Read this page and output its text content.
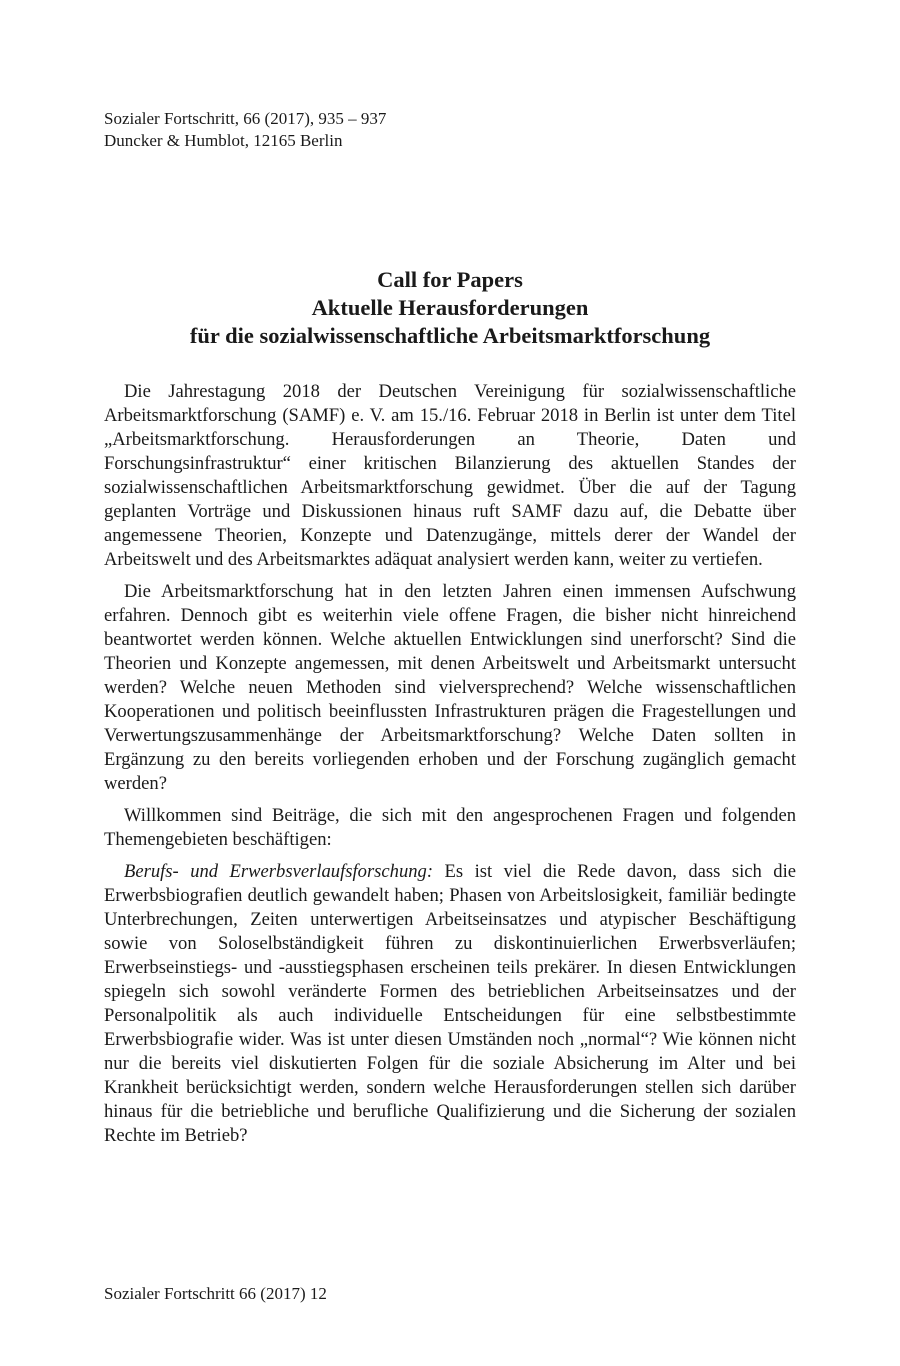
Sozialer Fortschritt, 66 (2017), 935 – 937
Duncker & Humblot, 12165 Berlin
Call for Papers
Aktuelle Herausforderungen
für die sozialwissenschaftliche Arbeitsmarktforschung

Die Jahrestagung 2018 der Deutschen Vereinigung für sozialwissenschaftliche Arbeitsmarktforschung (SAMF) e. V. am 15./16. Februar 2018 in Berlin ist unter dem Titel „Arbeitsmarktforschung. Herausforderungen an Theorie, Daten und Forschungsinfrastruktur“ einer kritischen Bilanzierung des aktuellen Standes der sozialwissenschaftlichen Arbeitsmarktforschung gewidmet. Über die auf der Tagung geplanten Vorträge und Diskussionen hinaus ruft SAMF dazu auf, die Debatte über angemessene Theorien, Konzepte und Datenzugänge, mittels derer der Wandel der Arbeitswelt und des Arbeitsmarktes adäquat analysiert werden kann, weiter zu vertiefen.

Die Arbeitsmarktforschung hat in den letzten Jahren einen immensen Aufschwung erfahren. Dennoch gibt es weiterhin viele offene Fragen, die bisher nicht hinreichend beantwortet werden können. Welche aktuellen Entwicklungen sind unerforscht? Sind die Theorien und Konzepte angemessen, mit denen Arbeitswelt und Arbeitsmarkt untersucht werden? Welche neuen Methoden sind vielversprechend? Welche wissenschaftlichen Kooperationen und politisch beeinflussten Infrastrukturen prägen die Fragestellungen und Verwertungszusammenhänge der Arbeitsmarktforschung? Welche Daten sollten in Ergänzung zu den bereits vorliegenden erhoben und der Forschung zugänglich gemacht werden?

Willkommen sind Beiträge, die sich mit den angesprochenen Fragen und folgenden Themengebieten beschäftigen:

Berufs- und Erwerbsverlaufsforschung: Es ist viel die Rede davon, dass sich die Erwerbsbiografien deutlich gewandelt haben; Phasen von Arbeitslosigkeit, familiär bedingte Unterbrechungen, Zeiten unterwertigen Arbeitseinsatzes und atypischer Beschäftigung sowie von Soloselbständigkeit führen zu diskontinuierlichen Erwerbsverläufen; Erwerbseinstiegs- und -ausstiegsphasen erscheinen teils prekärer. In diesen Entwicklungen spiegeln sich sowohl veränderte Formen des betrieblichen Arbeitseinsatzes und der Personalpolitik als auch individuelle Entscheidungen für eine selbstbestimmte Erwerbsbiografie wider. Was ist unter diesen Umständen noch „normal“? Wie können nicht nur die bereits viel diskutierten Folgen für die soziale Absicherung im Alter und bei Krankheit berücksichtigt werden, sondern welche Herausforderungen stellen sich darüber hinaus für die betriebliche und berufliche Qualifizierung und die Sicherung der sozialen Rechte im Betrieb?

Sozialer Fortschritt 66 (2017) 12
